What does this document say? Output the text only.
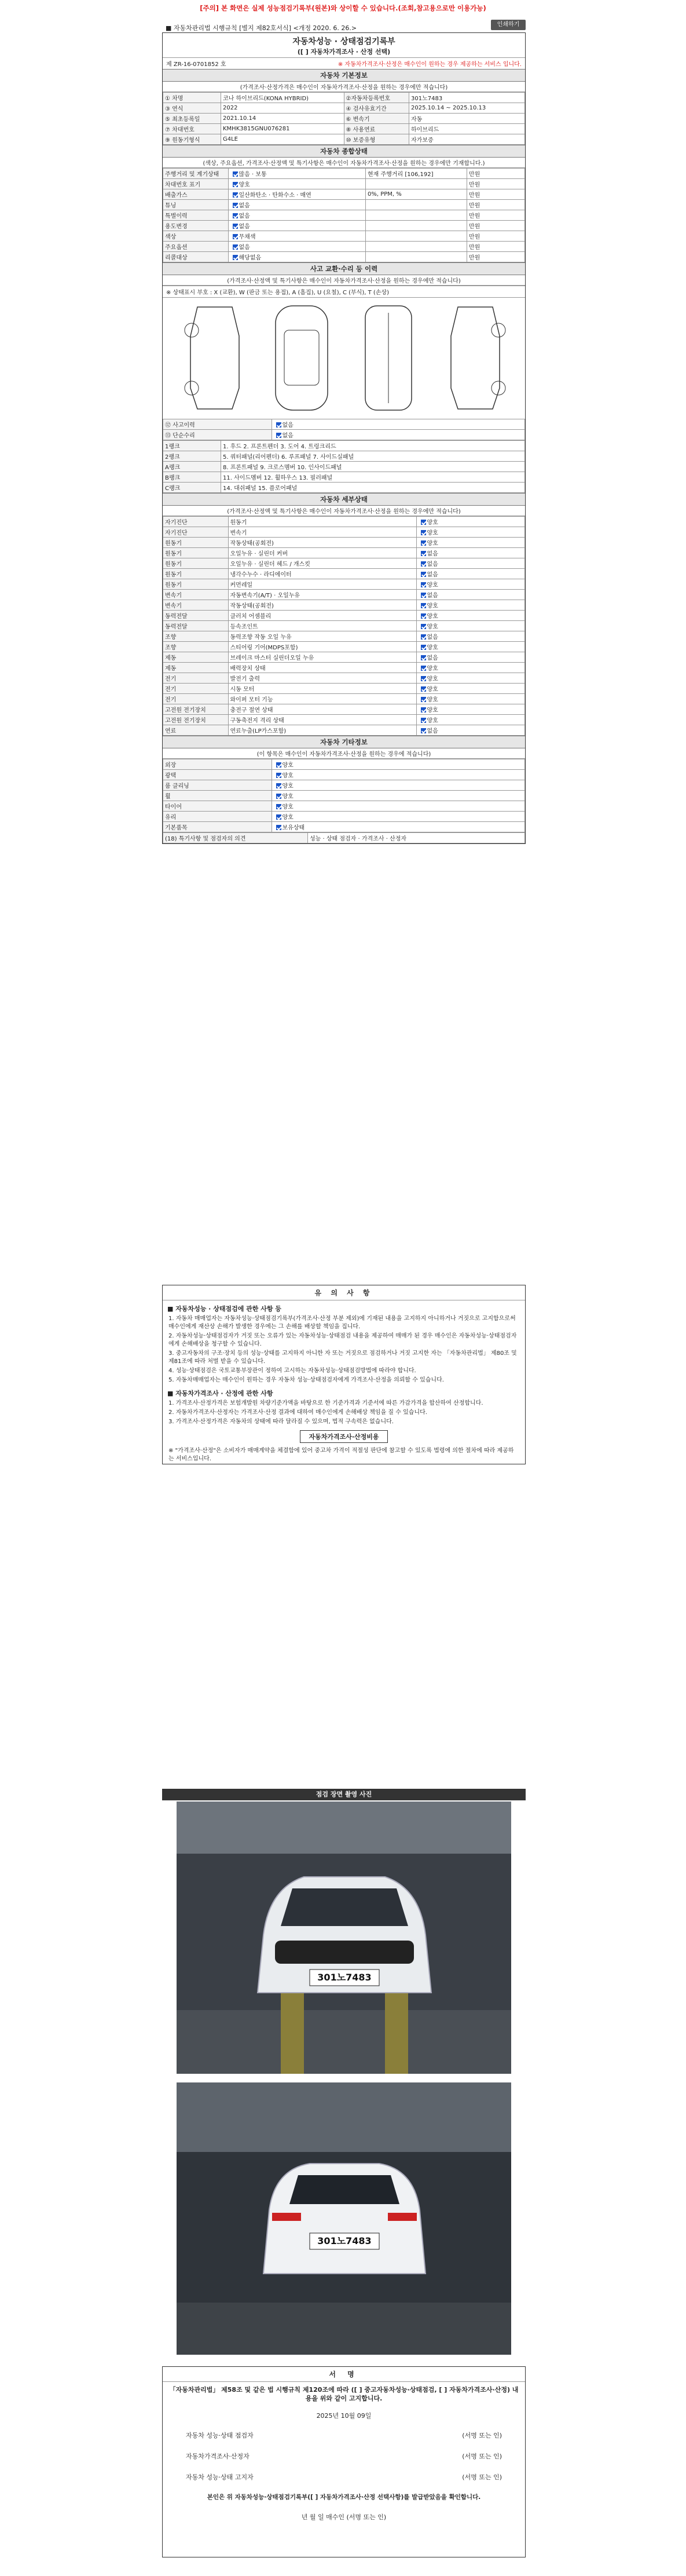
[주의] 본 화면은 실제 성능점검기록부(원본)와 상이할 수 있습니다.(조회,참고용으로만 이용가능)
■ 자동차관리법 시행규칙 [별지 제82호서식] <개정 2020. 6. 26.>	인쇄하기
자동차성능 · 상태점검기록부
([ ] 자동차가격조사 · 산정 선택)
제 ZR-16-0701852 호	※ 자동차가격조사·산정은 매수인이 원하는 경우 제공하는 서비스 입니다.
자동차 기본정보
(가격조사·산정가격은 매수인이 자동차가격조사·산정을 원하는 경우에만 적습니다)
① 차명	코나 하이브리드(KONA HYBRID)	②자동차등록번호	301노7483
③ 연식	2022	④ 검사유효기간	2025.10.14 ~ 2025.10.13
⑤ 최초등록일	2021.10.14	⑥ 변속기	자동
⑦ 차대번호	KMHK3815GNU076281	⑧ 사용연료	하이브리드
⑨ 원동기형식	G4LE	⑩ 보증유형	자가보증
자동차 종합상태
(색상, 주요옵션, 가격조사·산정액 및 특기사항은 매수인이 자동차가격조사·산정을 원하는 경우에만 기재합니다.)
주행거리 및 계기상태	많음 · 보통	현재 주행거리 [106,192]	만원
차대번호 표기	양호		만원
배출가스	일산화탄소 · 탄화수소 · 매연	0%, PPM, %	만원
튜닝	없음		만원
특별이력	없음		만원
용도변경	없음		만원
색상	무채색		만원
주요옵션	없음		만원
리콜대상	해당없음		만원
사고 교환·수리 등 이력
(가격조사·산정액 및 특기사항은 매수인이 자동차가격조사·산정을 원하는 경우에만 적습니다)
※ 상태표시 부호 : X (교환), W (판금 또는 용접), A (흠집), U (요철), C (부식), T (손상)
⑫ 사고이력	없음
⑬ 단순수리	없음
1랭크	1. 후드 2. 프론트펜더 3. 도어 4. 트렁크리드
2랭크	5. 쿼터패널(리어펜더) 6. 루프패널 7. 사이드실패널
A랭크	8. 프론트패널 9. 크로스멤버 10. 인사이드패널
B랭크	11. 사이드멤버 12. 휠하우스 13. 필러패널
C랭크	14. 대쉬패널 15. 플로어패널
자동차 세부상태
(가격조사·산정액 및 특기사항은 매수인이 자동차가격조사·산정을 원하는 경우에만 적습니다)
자기진단	원동기	양호
자기진단	변속기	양호
원동기	작동상태(공회전)	양호
원동기	오일누유 · 실린더 커버	없음
원동기	오일누유 · 실린더 헤드 / 개스킷	없음
원동기	냉각수누수 · 라디에이터	없음
원동기	커먼레일	양호
변속기	자동변속기(A/T) · 오일누유	없음
변속기	작동상태(공회전)	양호
동력전달	클러치 어셈블리	양호
동력전달	등속조인트	양호
조향	동력조향 작동 오일 누유	없음
조향	스티어링 기어(MDPS포함)	양호
제동	브레이크 마스터 실린더오일 누유	없음
제동	배력장치 상태	양호
전기	발전기 출력	양호
전기	시동 모터	양호
전기	와이퍼 모터 기능	양호
고전원 전기장치	충전구 절연 상태	양호
고전원 전기장치	구동축전지 격리 상태	양호
연료	연료누출(LP가스포함)	없음
자동차 기타정보
(이 항목은 매수인이 자동차가격조사·산정을 원하는 경우에 적습니다)
외장	양호
광택	양호
룸 클리닝	양호
휠	양호
타이어	양호
유리	양호
기본품목	보유상태
(18) 특기사항 및 점검자의 의견	성능 · 상태 점검자 · 가격조사 · 산정자
유 의 사 항
■ 자동차성능 · 상태점검에 관한 사항 등

1. 자동차 매매업자는 자동차성능·상태점검기록부(가격조사·산정 부분 제외)에 기재된 내용을 고지하지 아니하거나 거짓으로 고지함으로써 매수인에게 재산상 손해가 발생한 경우에는 그 손해를 배상할 책임을 집니다.

2. 자동차성능·상태점검자가 거짓 또는 오류가 있는 자동차성능·상태점검 내용을 제공하여 매매가 된 경우 매수인은 자동차성능·상태점검자에게 손해배상을 청구할 수 있습니다.

3. 중고자동차의 구조·장치 등의 성능·상태를 고지하지 아니한 자 또는 거짓으로 점검하거나 거짓 고지한 자는 「자동차관리법」 제80조 및 제81조에 따라 처벌 받을 수 있습니다.

4. 성능·상태점검은 국토교통부장관이 정하여 고시하는 자동차성능·상태점검방법에 따라야 합니다.

5. 자동차매매업자는 매수인이 원하는 경우 자동차 성능·상태점검자에게 가격조사·산정을 의뢰할 수 있습니다.

■ 자동차가격조사 · 산정에 관한 사항

1. 가격조사·산정가격은 보험개발원 차량기준가액을 바탕으로 한 기준가격과 기준서에 따른 가감가격을 합산하여 산정합니다.

2. 자동차가격조사·산정자는 가격조사·산정 결과에 대하여 매수인에게 손해배상 책임을 질 수 있습니다.

3. 가격조사·산정가격은 자동차의 상태에 따라 달라질 수 있으며, 법적 구속력은 없습니다.

자동차가격조사·산정비용

※ "가격조사·산정"은 소비자가 매매계약을 체결함에 있어 중고차 가격이 적절성 판단에 참고할 수 있도록 법령에 의한 절차에 따라 제공하는 서비스입니다.

점검 장면 촬영 사진
301노7483
301노7483
서 명
「자동차관리법」 제58조 및 같은 법 시행규칙 제120조에 따라 ([ ] 중고자동차성능·상태점검, [ ] 자동차가격조사·산정) 내용을 위와 같이 고지합니다.
2025년 10월 09일
자동차 성능·상태 점검자	(서명 또는 인)
자동차가격조사·산정자	(서명 또는 인)
자동차 성능·상태 고지자	(서명 또는 인)
본인은 위 자동차성능·상태점검기록부([ ] 자동차가격조사·산정 선택사항)를 발급받았음을 확인합니다.
년 월 일 매수인 (서명 또는 인)
